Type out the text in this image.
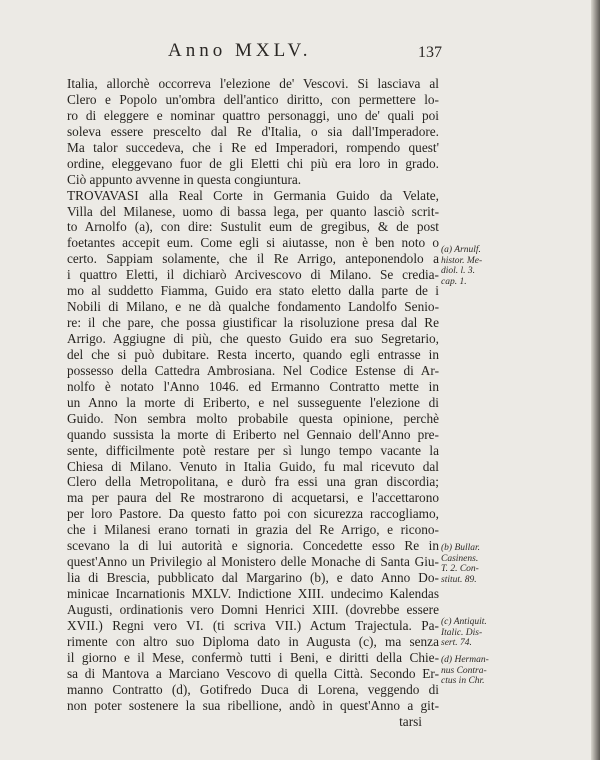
Anno MXLV.	137
Italia, allorchè occorreva l'elezione de' Vescovi. Si lasciava al
Clero e Popolo un'ombra dell'antico diritto, con permettere lo-
ro di eleggere e nominar quattro personaggi, uno de' quali poi
soleva essere prescelto dal Re d'Italia, o sia dall'Imperadore.
Ma talor succedeva, che i Re ed Imperadori, rompendo quest'
ordine, eleggevano fuor de gli Eletti chi più era loro in grado.
Ciò appunto avvenne in questa congiuntura.
TROVAVASI alla Real Corte in Germania Guido da Velate,
Villa del Milanese, uomo di bassa lega, per quanto lasciò scrit-
to Arnolfo (a), con dire: Sustulit eum de gregibus, & de post
foetantes accepit eum. Come egli si aiutasse, non è ben noto o
certo. Sappiam solamente, che il Re Arrigo, anteponendolo a
i quattro Eletti, il dichiarò Arcivescovo di Milano. Se credia-
mo al suddetto Fiamma, Guido era stato eletto dalla parte de i
Nobili di Milano, e ne dà qualche fondamento Landolfo Senio-
re: il che pare, che possa giustificar la risoluzione presa dal Re
Arrigo. Aggiugne di più, che questo Guido era suo Segretario,
del che si può dubitare. Resta incerto, quando egli entrasse in
possesso della Cattedra Ambrosiana. Nel Codice Estense di Ar-
nolfo è notato l'Anno 1046. ed Ermanno Contratto mette in
un Anno la morte di Eriberto, e nel susseguente l'elezione di
Guido. Non sembra molto probabile questa opinione, perchè
quando sussista la morte di Eriberto nel Gennaio dell'Anno pre-
sente, difficilmente potè restare per sì lungo tempo vacante la
Chiesa di Milano. Venuto in Italia Guido, fu mal ricevuto dal
Clero della Metropolitana, e durò fra essi una gran discordia;
ma per paura del Re mostrarono di acquetarsi, e l'accettarono
per loro Pastore. Da questo fatto poi con sicurezza raccogliamo,
che i Milanesi erano tornati in grazia del Re Arrigo, e ricono-
scevano la di lui autorità e signoria. Concedette esso Re in
quest'Anno un Privilegio al Monistero delle Monache di Santa Giu-
lia di Brescia, pubblicato dal Margarino (b), e dato Anno Do-
minicae Incarnationis MXLV. Indictione XIII. undecimo Kalendas
Augusti, ordinationis vero Domni Henrici XIII. (dovrebbe essere
XVII.) Regni vero VI. (ti scriva VII.) Actum Trajectula. Pa-
rimente con altro suo Diploma dato in Augusta (c), ma senza
il giorno e il Mese, confermò tutti i Beni, e diritti della Chie-
sa di Mantova a Marciano Vescovo di quella Città. Secondo Er-
manno Contratto (d), Gotifredo Duca di Lorena, veggendo di
non poter sostenere la sua ribellione, andò in quest'Anno a git-
tarsi
(a) Arnulf.
histor. Me-
diol. l. 3.
cap. 1.
(b) Bullar.
Casinens.
T. 2. Con-
stitut. 89.
(c) Antiquit.
Italic. Dis-
sert. 74.
(d) Herman-
nus Contra-
ctus in Chr.
